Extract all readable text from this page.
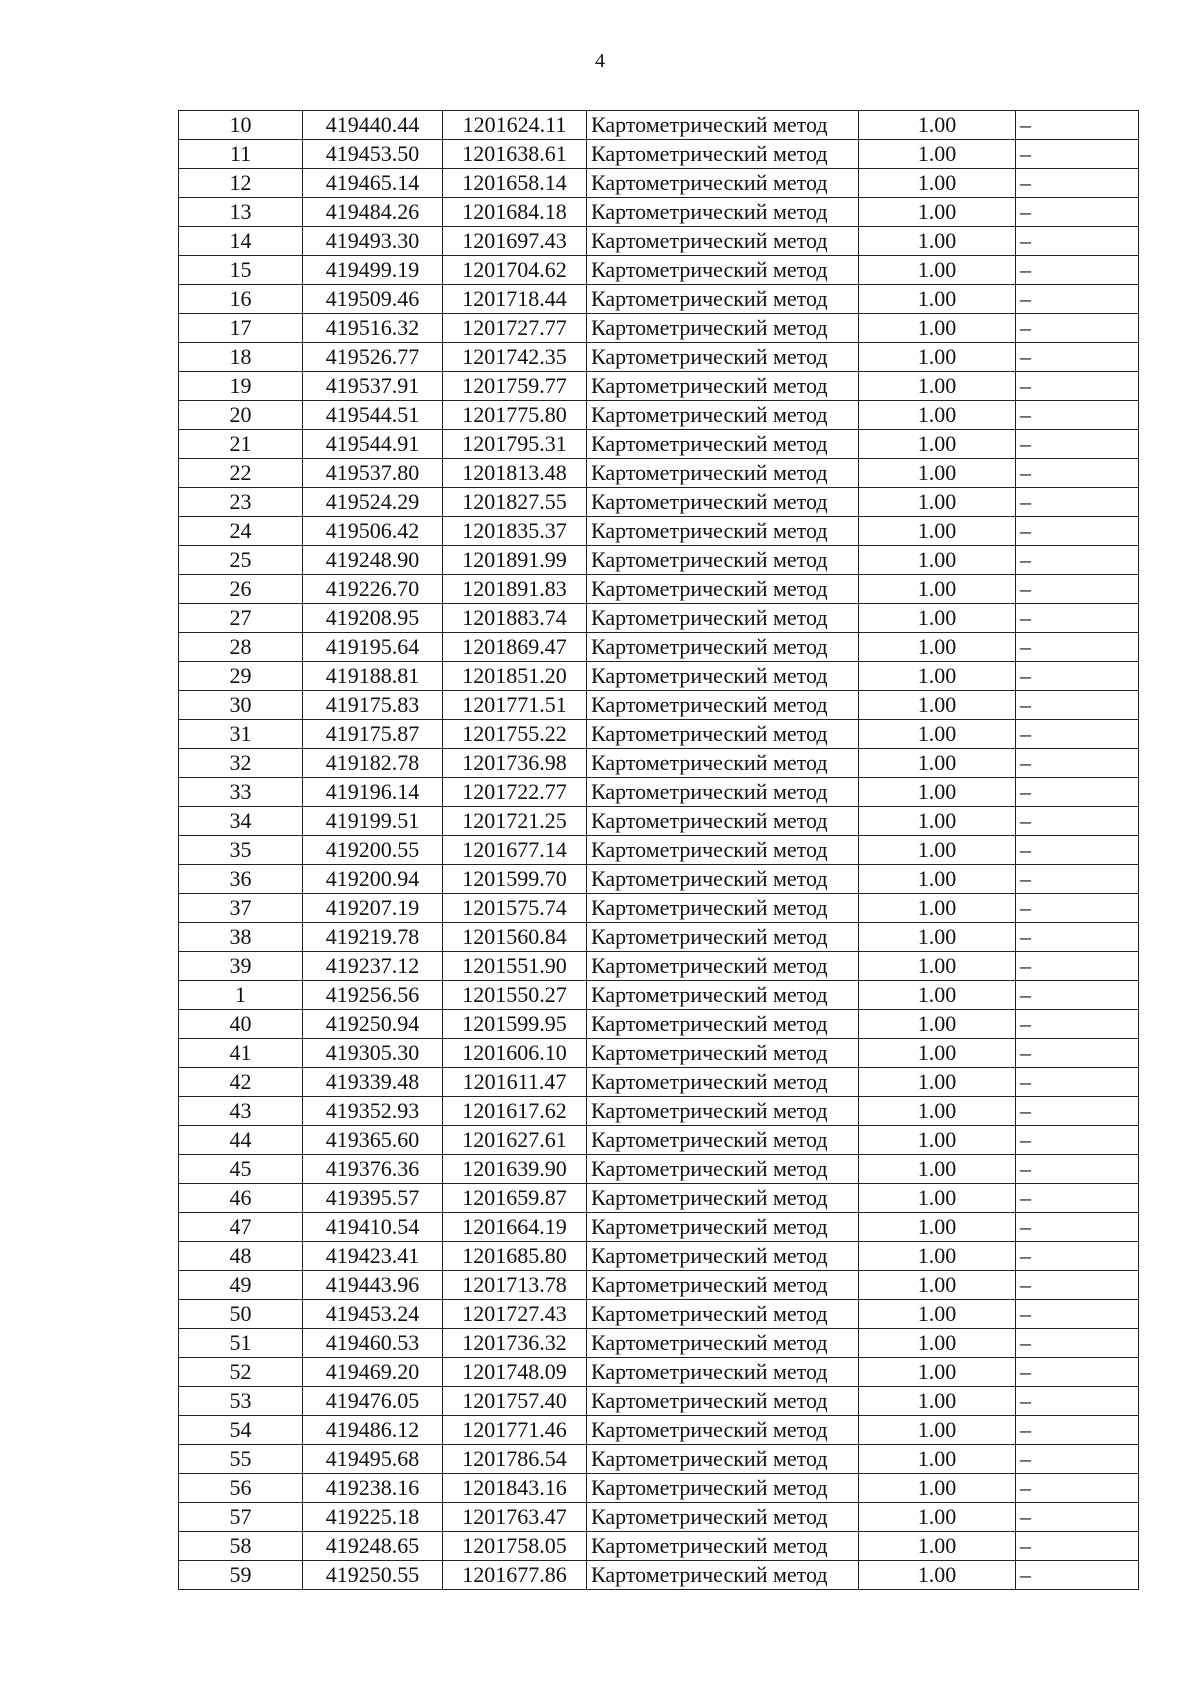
4
10	419440.44	1201624.11	Картометрический метод	1.00	–
11	419453.50	1201638.61	Картометрический метод	1.00	–
12	419465.14	1201658.14	Картометрический метод	1.00	–
13	419484.26	1201684.18	Картометрический метод	1.00	–
14	419493.30	1201697.43	Картометрический метод	1.00	–
15	419499.19	1201704.62	Картометрический метод	1.00	–
16	419509.46	1201718.44	Картометрический метод	1.00	–
17	419516.32	1201727.77	Картометрический метод	1.00	–
18	419526.77	1201742.35	Картометрический метод	1.00	–
19	419537.91	1201759.77	Картометрический метод	1.00	–
20	419544.51	1201775.80	Картометрический метод	1.00	–
21	419544.91	1201795.31	Картометрический метод	1.00	–
22	419537.80	1201813.48	Картометрический метод	1.00	–
23	419524.29	1201827.55	Картометрический метод	1.00	–
24	419506.42	1201835.37	Картометрический метод	1.00	–
25	419248.90	1201891.99	Картометрический метод	1.00	–
26	419226.70	1201891.83	Картометрический метод	1.00	–
27	419208.95	1201883.74	Картометрический метод	1.00	–
28	419195.64	1201869.47	Картометрический метод	1.00	–
29	419188.81	1201851.20	Картометрический метод	1.00	–
30	419175.83	1201771.51	Картометрический метод	1.00	–
31	419175.87	1201755.22	Картометрический метод	1.00	–
32	419182.78	1201736.98	Картометрический метод	1.00	–
33	419196.14	1201722.77	Картометрический метод	1.00	–
34	419199.51	1201721.25	Картометрический метод	1.00	–
35	419200.55	1201677.14	Картометрический метод	1.00	–
36	419200.94	1201599.70	Картометрический метод	1.00	–
37	419207.19	1201575.74	Картометрический метод	1.00	–
38	419219.78	1201560.84	Картометрический метод	1.00	–
39	419237.12	1201551.90	Картометрический метод	1.00	–
1	419256.56	1201550.27	Картометрический метод	1.00	–
40	419250.94	1201599.95	Картометрический метод	1.00	–
41	419305.30	1201606.10	Картометрический метод	1.00	–
42	419339.48	1201611.47	Картометрический метод	1.00	–
43	419352.93	1201617.62	Картометрический метод	1.00	–
44	419365.60	1201627.61	Картометрический метод	1.00	–
45	419376.36	1201639.90	Картометрический метод	1.00	–
46	419395.57	1201659.87	Картометрический метод	1.00	–
47	419410.54	1201664.19	Картометрический метод	1.00	–
48	419423.41	1201685.80	Картометрический метод	1.00	–
49	419443.96	1201713.78	Картометрический метод	1.00	–
50	419453.24	1201727.43	Картометрический метод	1.00	–
51	419460.53	1201736.32	Картометрический метод	1.00	–
52	419469.20	1201748.09	Картометрический метод	1.00	–
53	419476.05	1201757.40	Картометрический метод	1.00	–
54	419486.12	1201771.46	Картометрический метод	1.00	–
55	419495.68	1201786.54	Картометрический метод	1.00	–
56	419238.16	1201843.16	Картометрический метод	1.00	–
57	419225.18	1201763.47	Картометрический метод	1.00	–
58	419248.65	1201758.05	Картометрический метод	1.00	–
59	419250.55	1201677.86	Картометрический метод	1.00	–
